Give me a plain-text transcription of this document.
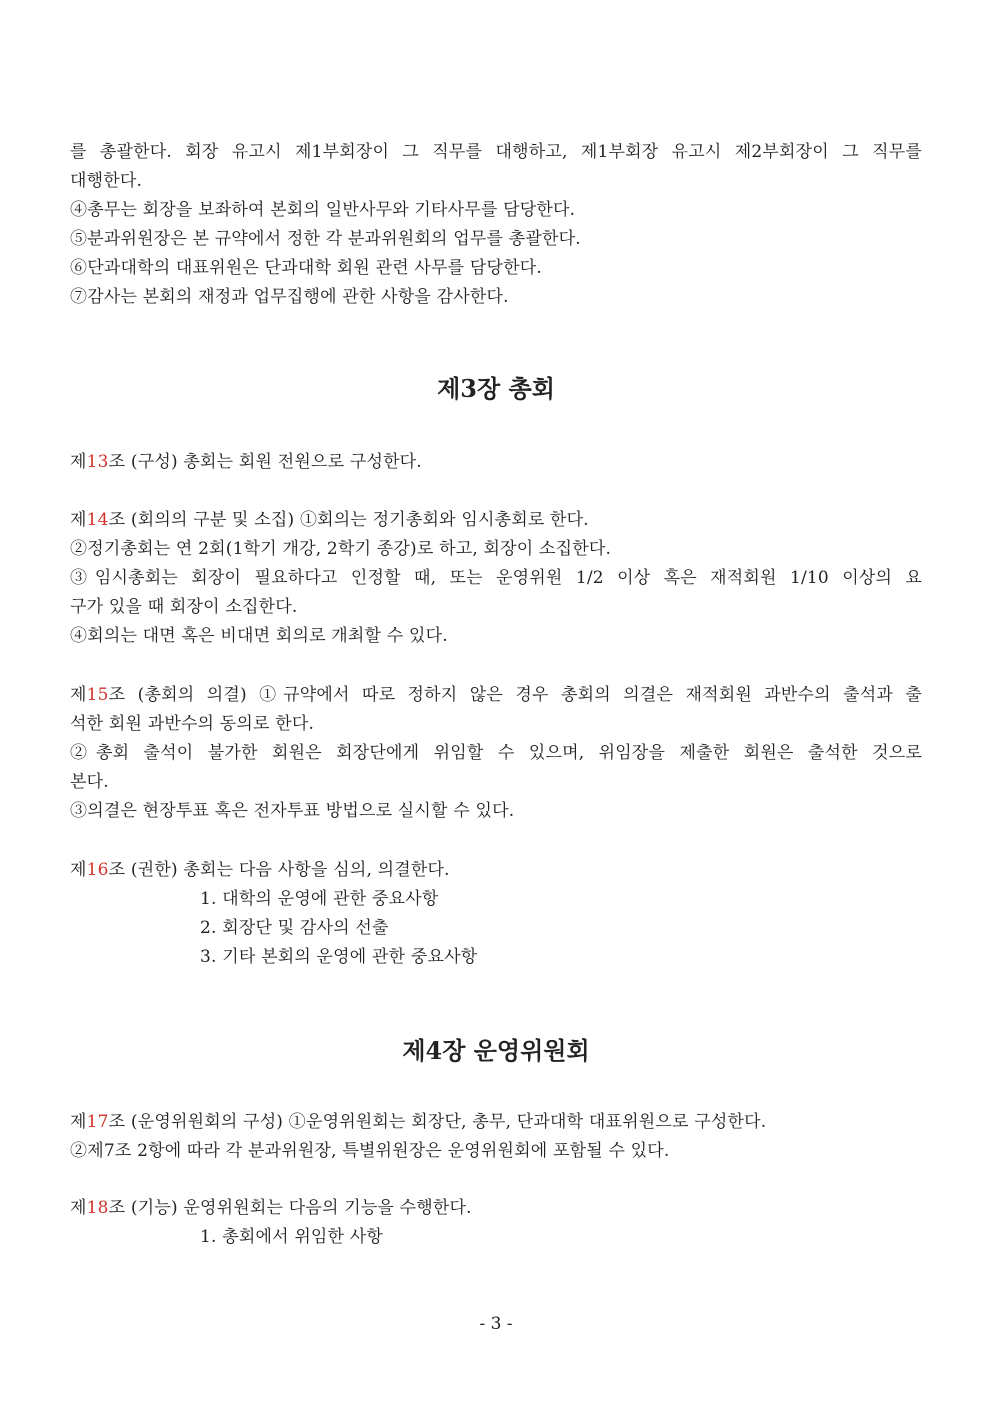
를 총괄한다. 회장 유고시 제1부회장이 그 직무를 대행하고, 제1부회장 유고시 제2부회장이 그 직무를
대행한다.
④총무는 회장을 보좌하여 본회의 일반사무와 기타사무를 담당한다.
⑤분과위원장은 본 규약에서 정한 각 분과위원회의 업무를 총괄한다.
⑥단과대학의 대표위원은 단과대학 회원 관련 사무를 담당한다.
⑦감사는 본회의 재정과 업무집행에 관한 사항을 감사한다.
제3장 총회
제13조 (구성) 총회는 회원 전원으로 구성한다.
제14조 (회의의 구분 및 소집) ①회의는 정기총회와 임시총회로 한다.
②정기총회는 연 2회(1학기 개강, 2학기 종강)로 하고, 회장이 소집한다.
③임시총회는 회장이 필요하다고 인정할 때, 또는 운영위원 1/2 이상 혹은 재적회원 1/10 이상의 요
구가 있을 때 회장이 소집한다.
④회의는 대면 혹은 비대면 회의로 개최할 수 있다.
제15조 (총회의 의결) ①규약에서 따로 정하지 않은 경우 총회의 의결은 재적회원 과반수의 출석과 출
석한 회원 과반수의 동의로 한다.
②총회 출석이 불가한 회원은 회장단에게 위임할 수 있으며, 위임장을 제출한 회원은 출석한 것으로
본다.
③의결은 현장투표 혹은 전자투표 방법으로 실시할 수 있다.
제16조 (권한) 총회는 다음 사항을 심의, 의결한다.
1. 대학의 운영에 관한 중요사항
2. 회장단 및 감사의 선출
3. 기타 본회의 운영에 관한 중요사항
제4장 운영위원회
제17조 (운영위원회의 구성) ①운영위원회는 회장단, 총무, 단과대학 대표위원으로 구성한다.
②제7조 2항에 따라 각 분과위원장, 특별위원장은 운영위원회에 포함될 수 있다.
제18조 (기능) 운영위원회는 다음의 기능을 수행한다.
1. 총회에서 위임한 사항
- 3 -
